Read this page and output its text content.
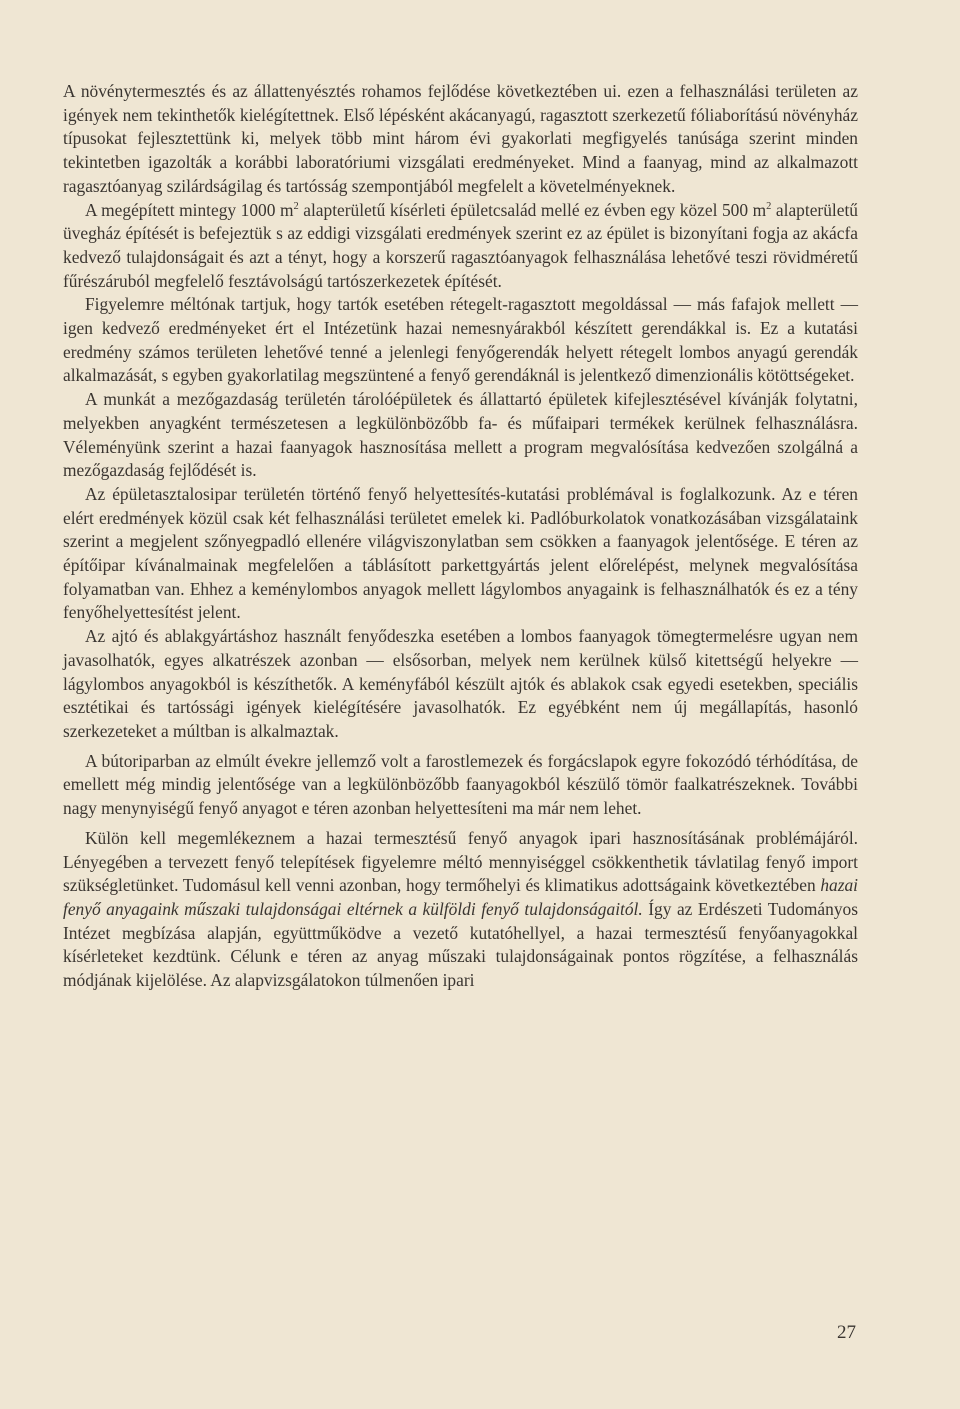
A növénytermesztés és az állattenyésztés rohamos fejlődése következtében ui. ezen a felhasználási területen az igények nem tekinthetők kielégítettnek. Első lépésként akácanyagú, ragasztott szerkezetű fóliaborítású növényház típusokat fejlesztettünk ki, melyek több mint három évi gyakorlati megfigyelés tanúsága szerint minden tekintetben igazolták a korábbi laboratóriumi vizsgálati eredményeket. Mind a faanyag, mind az alkalmazott ragasztóanyag szilárdságilag és tartósság szempontjából megfelelt a követelményeknek.

A megépített mintegy 1000 $m^2$ alapterületű kísérleti épületcsalád mellé ez évben egy közel 500 $m^2$ alapterületű üvegház építését is befejeztük s az eddigi vizsgálati eredmények szerint ez az épület is bizonyítani fogja az akácfa kedvező tulajdonságait és azt a tényt, hogy a korszerű ragasztóanyagok felhasználása lehetővé teszi rövidméretű fűrészáruból megfelelő fesztávolságú tartószerkezetek építését.

Figyelemre méltónak tartjuk, hogy tartók esetében rétegelt-ragasztott megoldással — más fafajok mellett — igen kedvező eredményeket ért el Intézetünk hazai nemesnyárakból készített gerendákkal is. Ez a kutatási eredmény számos területen lehetővé tenné a jelenlegi fenyőgerendák helyett rétegelt lombos anyagú gerendák alkalmazását, s egyben gyakorlatilag megszüntené a fenyő gerendáknál is jelentkező dimenzionális kötöttségeket.

A munkát a mezőgazdaság területén tárolóépületek és állattartó épületek kifejlesztésével kívánják folytatni, melyekben anyagként természetesen a legkülönbözőbb fa- és műfaipari termékek kerülnek felhasználásra. Véleményünk szerint a hazai faanyagok hasznosítása mellett a program megvalósítása kedvezően szolgálná a mezőgazdaság fejlődését is.

Az épületasztalosipar területén történő fenyő helyettesítés-kutatási problémával is foglalkozunk. Az e téren elért eredmények közül csak két felhasználási területet emelek ki. Padlóburkolatok vonatkozásában vizsgálataink szerint a megjelent szőnyegpadló ellenére világviszonylatban sem csökken a faanyagok jelentősége. E téren az építőipar kívánalmainak megfelelően a táblásított parkettgyártás jelent előrelépést, melynek megvalósítása folyamatban van. Ehhez a keménylombos anyagok mellett lágylombos anyagaink is felhasználhatók és ez a tény fenyőhelyettesítést jelent.

Az ajtó és ablakgyártáshoz használt fenyődeszka esetében a lombos faanyagok tömegtermelésre ugyan nem javasolhatók, egyes alkatrészek azonban — elsősorban, melyek nem kerülnek külső kitettségű helyekre — lágylombos anyagokból is készíthetők. A keményfából készült ajtók és ablakok csak egyedi esetekben, speciális esztétikai és tartóssági igények kielégítésére javasolhatók. Ez egyébként nem új megállapítás, hasonló szerkezeteket a múltban is alkalmaztak.

A bútoriparban az elmúlt évekre jellemző volt a farostlemezek és forgácslapok egyre fokozódó térhódítása, de emellett még mindig jelentősége van a legkülönbözőbb faanyagokból készülő tömör faalkatrészeknek. További nagy menynyiségű fenyő anyagot e téren azonban helyettesíteni ma már nem lehet.

Külön kell megemlékeznem a hazai termesztésű fenyő anyagok ipari hasznosításának problémájáról. Lényegében a tervezett fenyő telepítések figyelemre méltó mennyiséggel csökkenthetik távlatilag fenyő import szükségletünket. Tudomásul kell venni azonban, hogy termőhelyi és klimatikus adottságaink következtében hazai fenyő anyagaink műszaki tulajdonságai eltérnek a külföldi fenyő tulajdonságaitól. Így az Erdészeti Tudományos Intézet megbízása alapján, együttműködve a vezető kutatóhellyel, a hazai termesztésű fenyőanyagokkal kísérleteket kezdtünk. Célunk e téren az anyag műszaki tulajdonságainak pontos rögzítése, a felhasználás módjának kijelölése. Az alapvizsgálatokon túlmenően ipari

27
